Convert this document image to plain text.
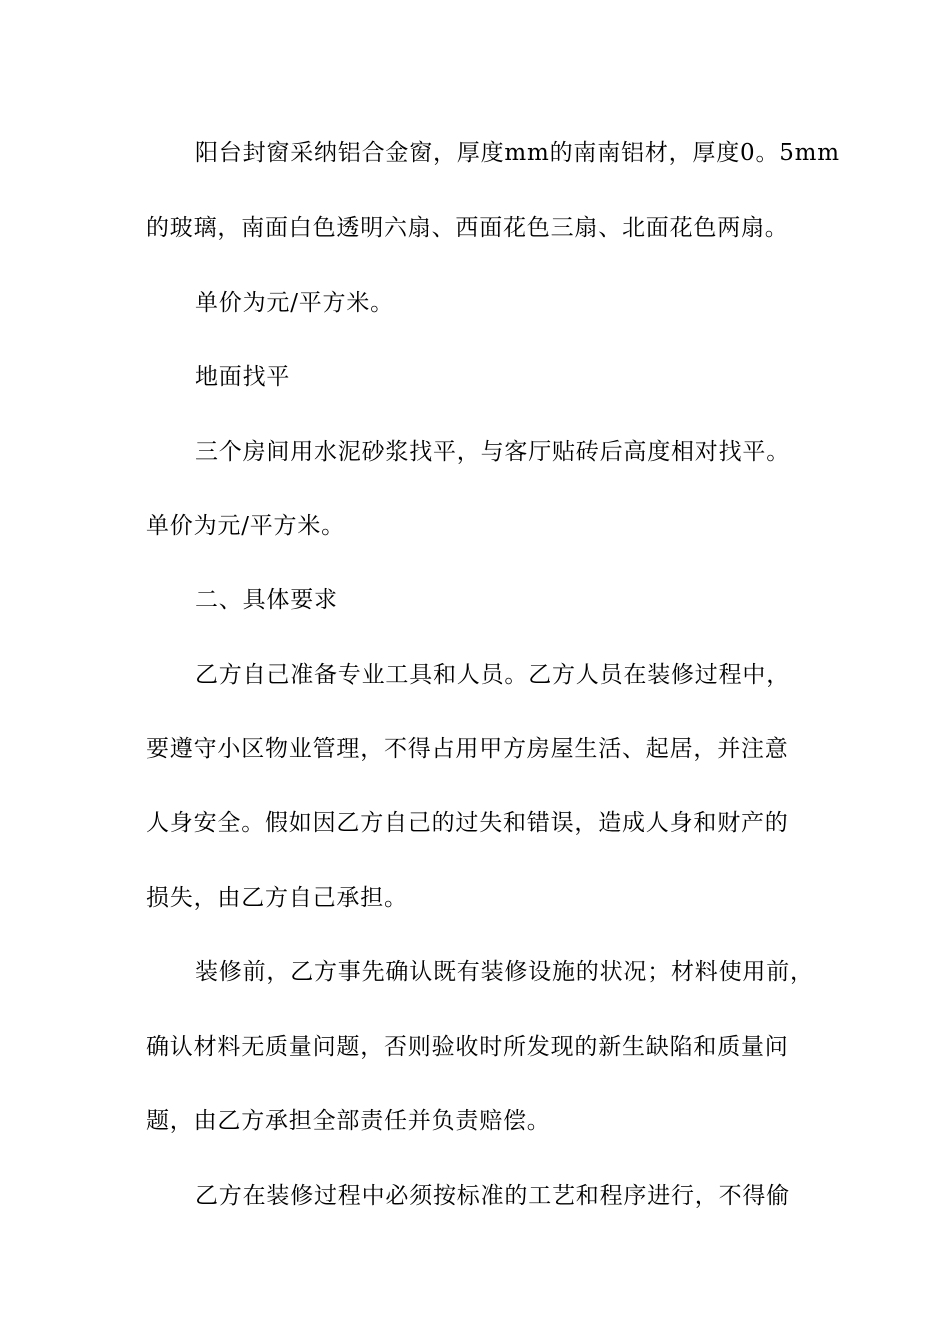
阳台封窗采纳铝合金窗，厚度mm的南南铝材，厚度0。5mm
的玻璃，南面白色透明六扇、西面花色三扇、北面花色两扇。
单价为元/平方米。
地面找平
三个房间用水泥砂浆找平，与客厅贴砖后高度相对找平。
单价为元/平方米。
二、具体要求
乙方自己准备专业工具和人员。乙方人员在装修过程中，
要遵守小区物业管理，不得占用甲方房屋生活、起居，并注意
人身安全。假如因乙方自己的过失和错误，造成人身和财产的
损失，由乙方自己承担。
装修前，乙方事先确认既有装修设施的状况；材料使用前，
确认材料无质量问题，否则验收时所发现的新生缺陷和质量问
题，由乙方承担全部责任并负责赔偿。
乙方在装修过程中必须按标准的工艺和程序进行，不得偷
